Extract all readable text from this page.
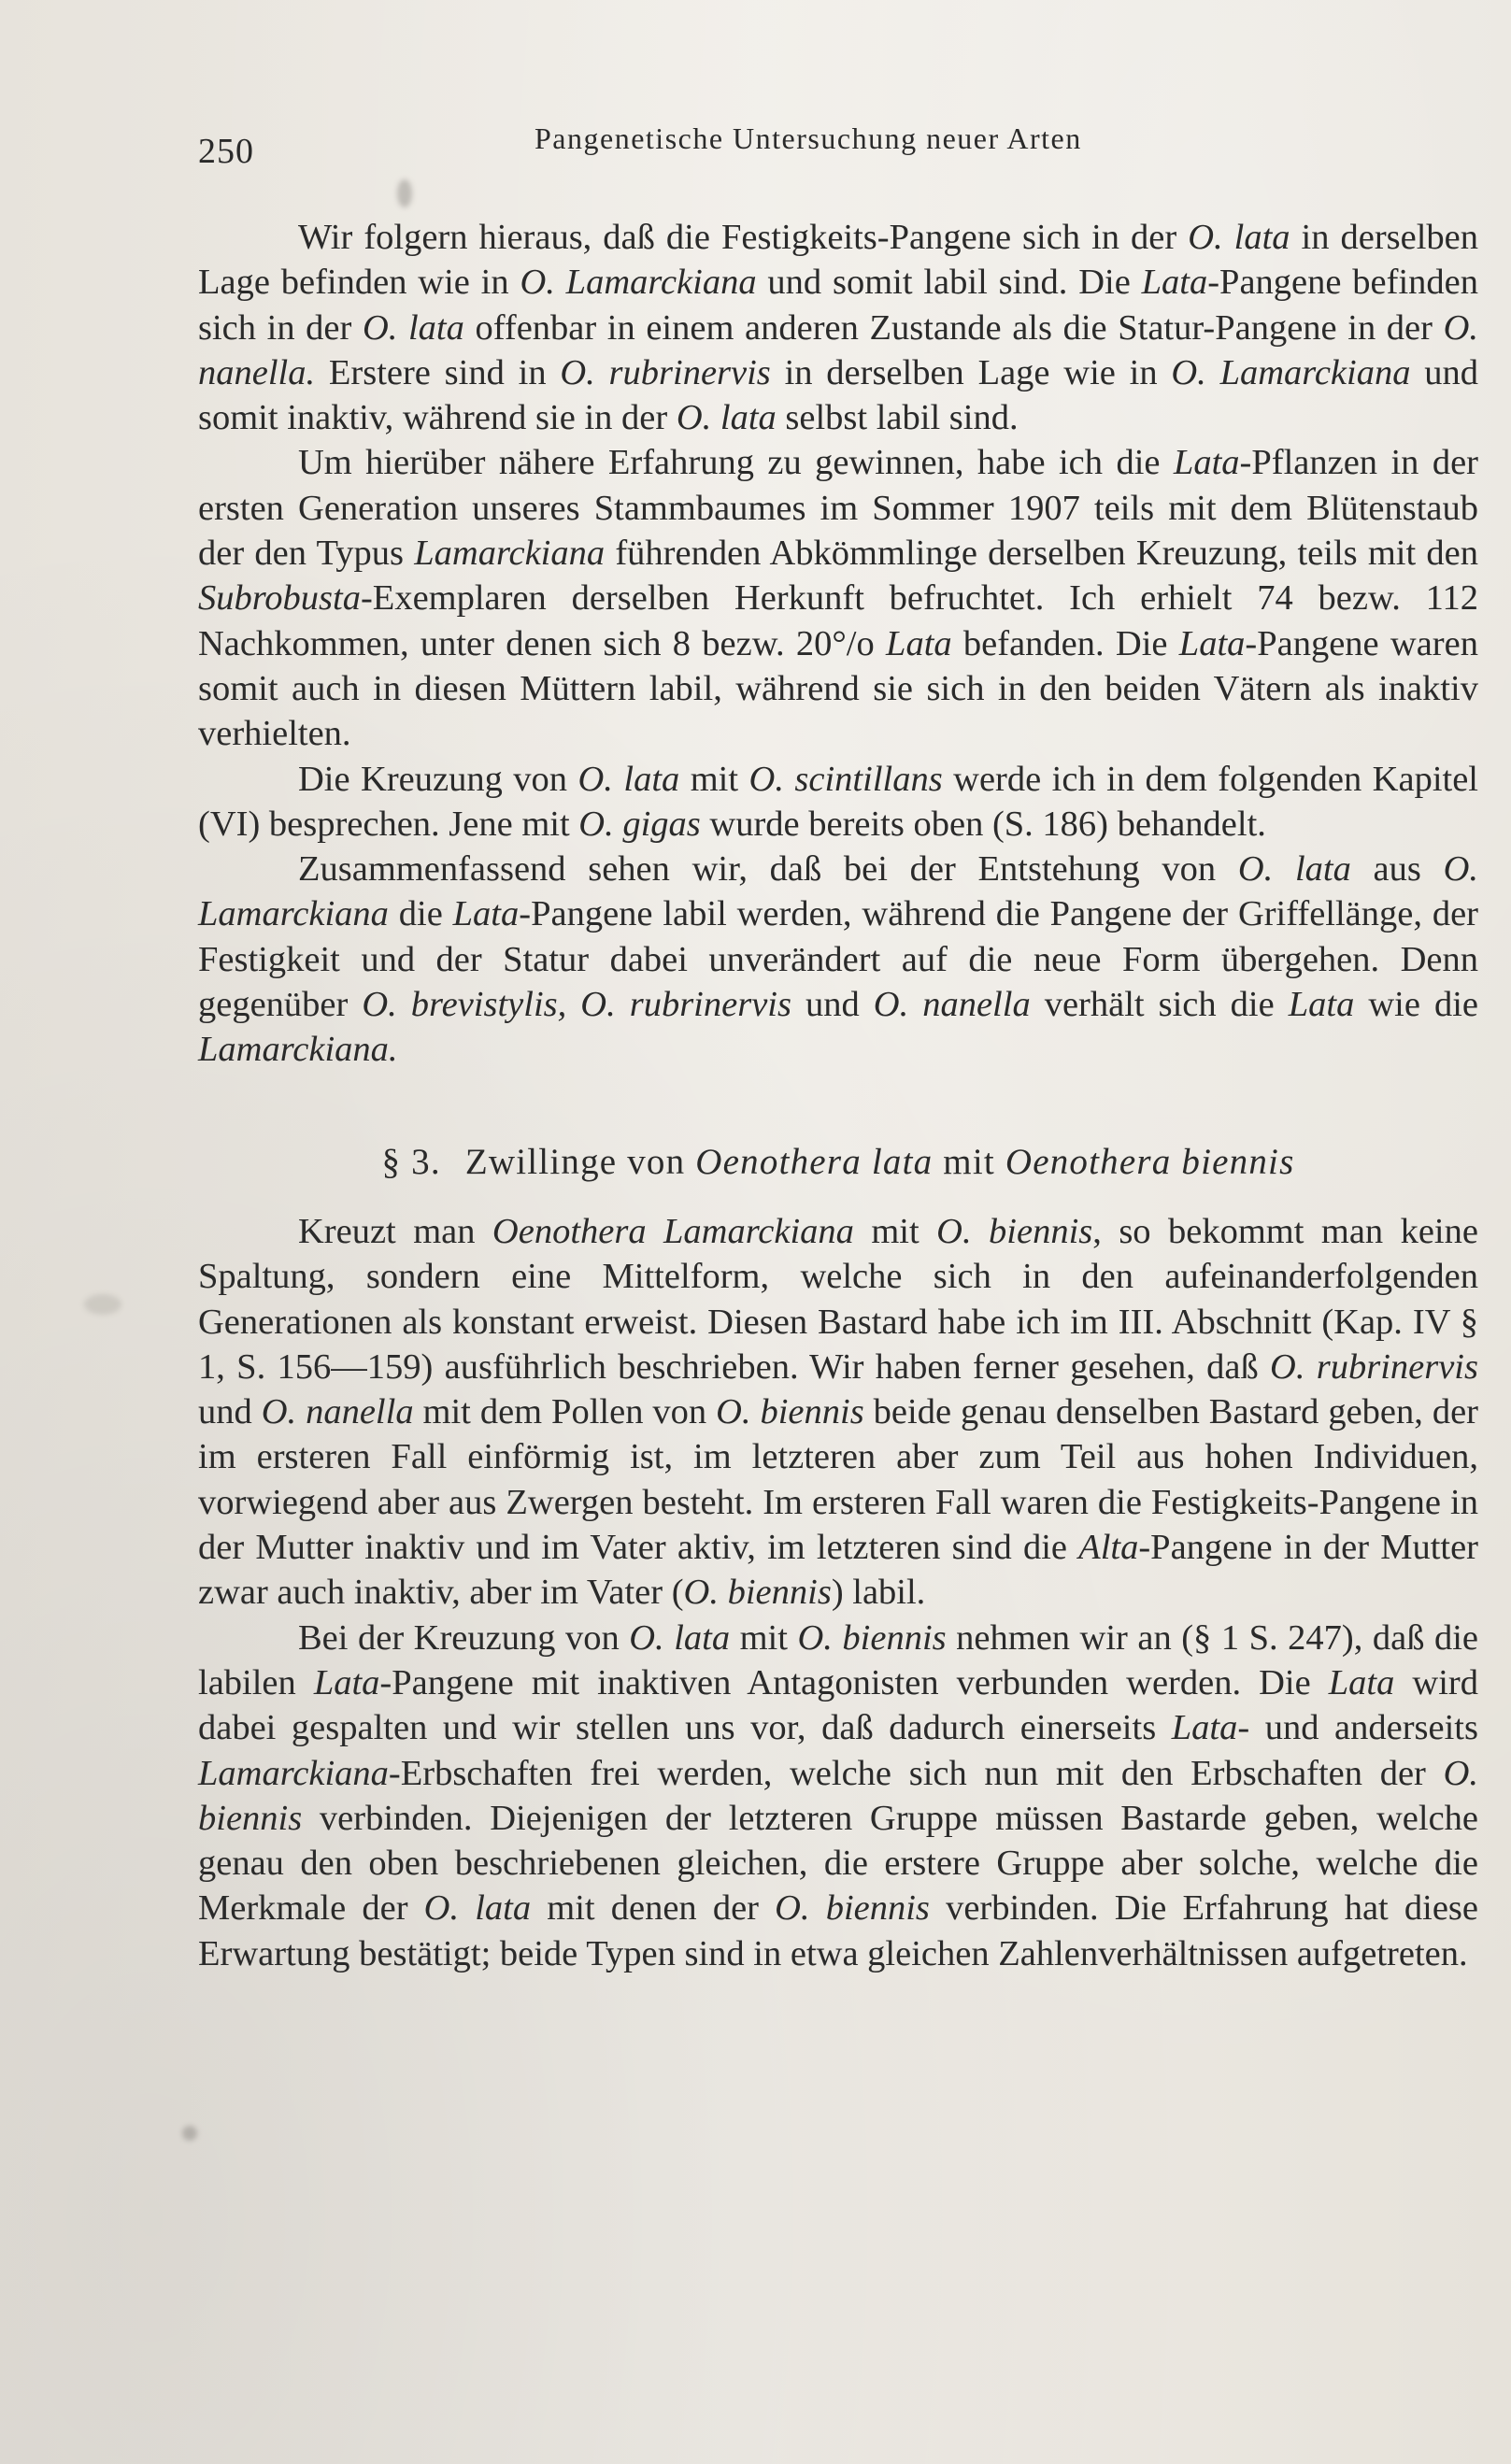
250	Pangenetische Untersuchung neuer Arten

Wir folgern hieraus, daß die Festigkeits-Pangene sich in der O. lata in derselben Lage befinden wie in O. Lamarckiana und somit labil sind. Die Lata-Pangene befinden sich in der O. lata offenbar in einem anderen Zustande als die Statur-Pangene in der O. nanella. Erstere sind in O. rubrinervis in derselben Lage wie in O. Lamarckiana und somit inaktiv, während sie in der O. lata selbst labil sind.

Um hierüber nähere Erfahrung zu gewinnen, habe ich die Lata-Pflanzen in der ersten Generation unseres Stammbaumes im Sommer 1907 teils mit dem Blütenstaub der den Typus Lamarckiana führenden Abkömmlinge derselben Kreuzung, teils mit den Subrobusta-Exemplaren derselben Herkunft befruchtet. Ich erhielt 74 bezw. 112 Nachkommen, unter denen sich 8 bezw. 20°/o Lata befanden. Die Lata-Pangene waren somit auch in diesen Müttern labil, während sie sich in den beiden Vätern als inaktiv verhielten.

Die Kreuzung von O. lata mit O. scintillans werde ich in dem folgenden Kapitel (VI) besprechen. Jene mit O. gigas wurde bereits oben (S. 186) behandelt.

Zusammenfassend sehen wir, daß bei der Entstehung von O. lata aus O. Lamarckiana die Lata-Pangene labil werden, während die Pangene der Griffellänge, der Festigkeit und der Statur dabei unverändert auf die neue Form übergehen. Denn gegenüber O. brevistylis, O. rubrinervis und O. nanella verhält sich die Lata wie die Lamarckiana.

§ 3. Zwillinge von Oenothera lata mit Oenothera biennis

Kreuzt man Oenothera Lamarckiana mit O. biennis, so bekommt man keine Spaltung, sondern eine Mittelform, welche sich in den aufeinanderfolgenden Generationen als konstant erweist. Diesen Bastard habe ich im III. Abschnitt (Kap. IV § 1, S. 156—159) ausführlich beschrieben. Wir haben ferner gesehen, daß O. rubrinervis und O. nanella mit dem Pollen von O. biennis beide genau denselben Bastard geben, der im ersteren Fall einförmig ist, im letzteren aber zum Teil aus hohen Individuen, vorwiegend aber aus Zwergen besteht. Im ersteren Fall waren die Festigkeits-Pangene in der Mutter inaktiv und im Vater aktiv, im letzteren sind die Alta-Pangene in der Mutter zwar auch inaktiv, aber im Vater (O. biennis) labil.

Bei der Kreuzung von O. lata mit O. biennis nehmen wir an (§ 1 S. 247), daß die labilen Lata-Pangene mit inaktiven Antagonisten verbunden werden. Die Lata wird dabei gespalten und wir stellen uns vor, daß dadurch einerseits Lata- und anderseits Lamarckiana-Erbschaften frei werden, welche sich nun mit den Erbschaften der O. biennis verbinden. Diejenigen der letzteren Gruppe müssen Bastarde geben, welche genau den oben beschriebenen gleichen, die erstere Gruppe aber solche, welche die Merkmale der O. lata mit denen der O. biennis verbinden. Die Erfahrung hat diese Erwartung bestätigt; beide Typen sind in etwa gleichen Zahlenverhältnissen aufgetreten.
